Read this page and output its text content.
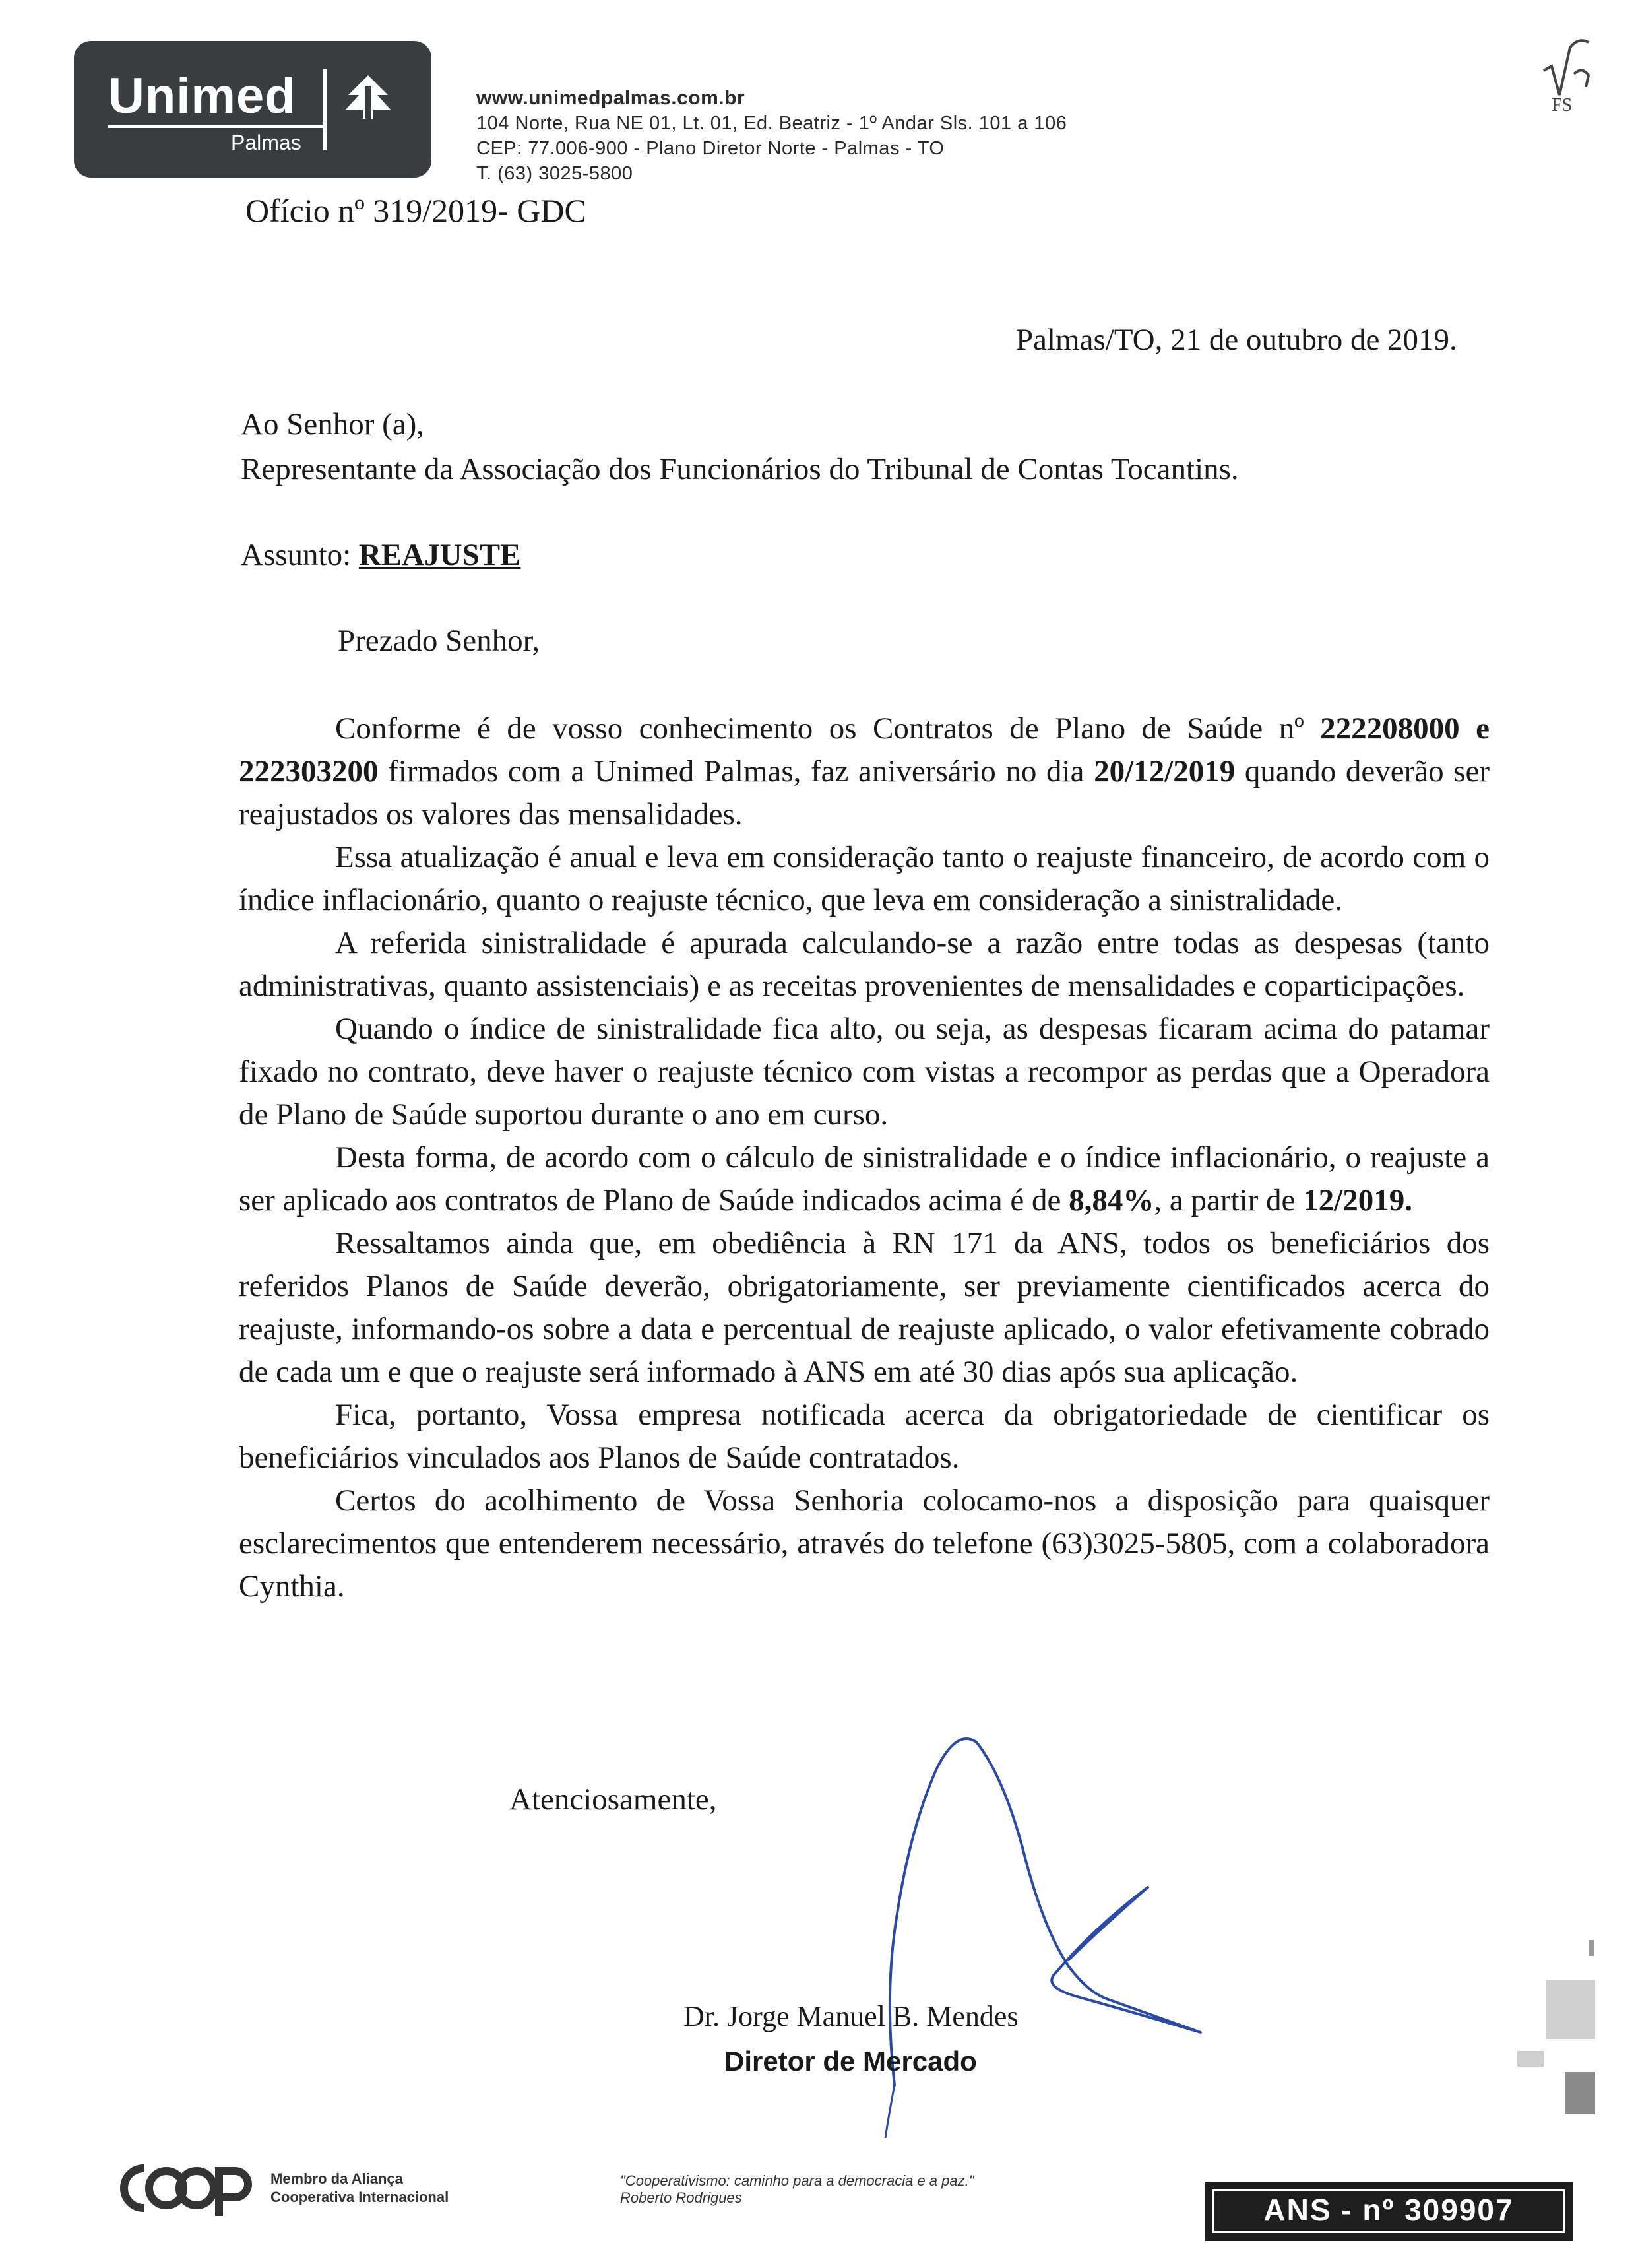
Unimed
Palmas
www.unimedpalmas.com.br
104 Norte, Rua NE 01, Lt. 01, Ed. Beatriz - 1º Andar Sls. 101 a 106
CEP: 77.006-900 - Plano Diretor Norte - Palmas - TO
T. (63) 3025-5800
FS
Ofício nº 319/2019- GDC
Palmas/TO, 21 de outubro de 2019.
Ao Senhor (a),
Representante da Associação dos Funcionários do Tribunal de Contas Tocantins.
Assunto: REAJUSTE
Prezado Senhor,

Conforme é de vosso conhecimento os Contratos de Plano de Saúde nº 222208000 e 222303200 firmados com a Unimed Palmas, faz aniversário no dia 20/12/2019 quando deverão ser reajustados os valores das mensalidades.

Essa atualização é anual e leva em consideração tanto o reajuste financeiro, de acordo com o índice inflacionário, quanto o reajuste técnico, que leva em consideração a sinistralidade.

A referida sinistralidade é apurada calculando-se a razão entre todas as despesas (tanto administrativas, quanto assistenciais) e as receitas provenientes de mensalidades e coparticipações.

Quando o índice de sinistralidade fica alto, ou seja, as despesas ficaram acima do patamar fixado no contrato, deve haver o reajuste técnico com vistas a recompor as perdas que a Operadora de Plano de Saúde suportou durante o ano em curso.

Desta forma, de acordo com o cálculo de sinistralidade e o índice inflacionário, o reajuste a ser aplicado aos contratos de Plano de Saúde indicados acima é de 8,84%, a partir de 12/2019.

Ressaltamos ainda que, em obediência à RN 171 da ANS, todos os beneficiários dos referidos Planos de Saúde deverão, obrigatoriamente, ser previamente cientificados acerca do reajuste, informando-os sobre a data e percentual de reajuste aplicado, o valor efetivamente cobrado de cada um e que o reajuste será informado à ANS em até 30 dias após sua aplicação.

Fica, portanto, Vossa empresa notificada acerca da obrigatoriedade de cientificar os beneficiários vinculados aos Planos de Saúde contratados.

Certos do acolhimento de Vossa Senhoria colocamo-nos a disposição para quaisquer esclarecimentos que entenderem necessário, através do telefone (63)3025-5805, com a colaboradora Cynthia.

Atenciosamente,
Dr. Jorge Manuel B. Mendes
Diretor de Mercado
Membro da Aliança
Cooperativa Internacional
"Cooperativismo: caminho para a democracia e a paz."
Roberto Rodrigues	ANS - nº 309907
